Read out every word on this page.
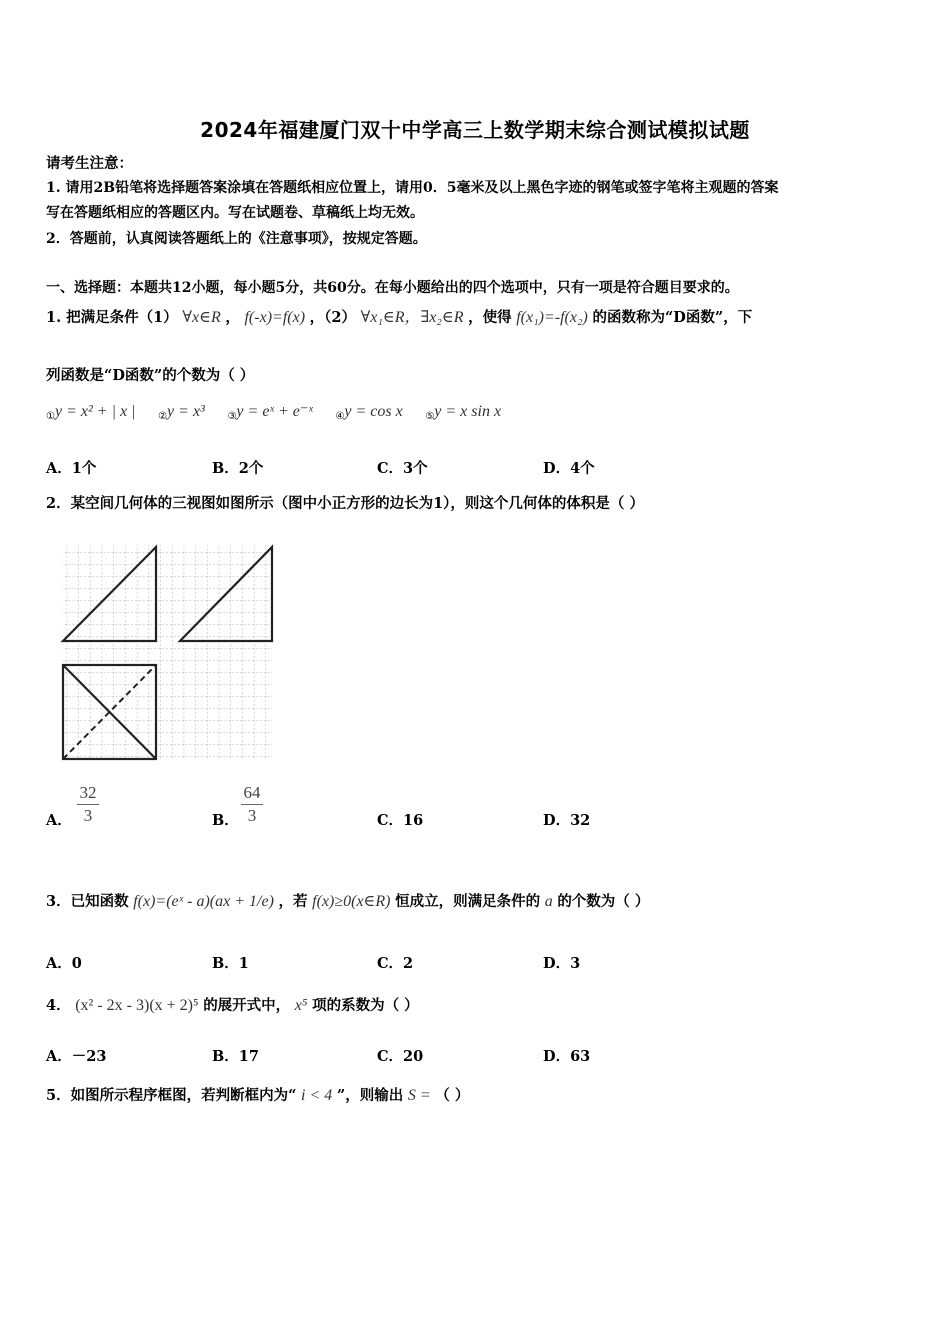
2024年福建厦门双十中学高三上数学期末综合测试模拟试题
请考生注意：
1. 请用2B铅笔将选择题答案涂填在答题纸相应位置上，请用0．5毫米及以上黑色字迹的钢笔或签字笔将主观题的答案
写在答题纸相应的答题区内。写在试题卷、草稿纸上均无效。
2．答题前，认真阅读答题纸上的《注意事项》，按规定答题。
一、选择题：本题共12小题，每小题5分，共60分。在每小题给出的四个选项中，只有一项是符合题目要求的。
1. 把满足条件（1） ∀x∈R ， f(-x)=f(x) ，（2） ∀x₁∈R，∃x₂∈R ，使得 f(x₁)=-f(x₂) 的函数称为“D函数”，下
列函数是“D函数”的个数为（ ）
$_①$y = x² + | x | $_②$y = x³ $_③$y = eˣ + e⁻ˣ $_④$y = cos x $_⑤$y = x sin x
A．1个	B．2个	C．3个	D．4个
2．某空间几何体的三视图如图所示（图中小正方形的边长为1），则这个几何体的体积是（ ）
A．
32
3	B．
64
3	C．16	D．32
3．已知函数 f(x)=(eˣ - a)(ax + 1/e) ，若 f(x)≥0(x∈R) 恒成立，则满足条件的 a 的个数为（ ）
A．0	B．1	C．2	D．3
4． (x² - 2x - 3)(x + 2)⁵ 的展开式中， x⁵ 项的系数为（ ）
A．－23	B．17	C．20	D．63
5．如图所示程序框图，若判断框内为“ i < 4 ”，则输出 S = （ ）
